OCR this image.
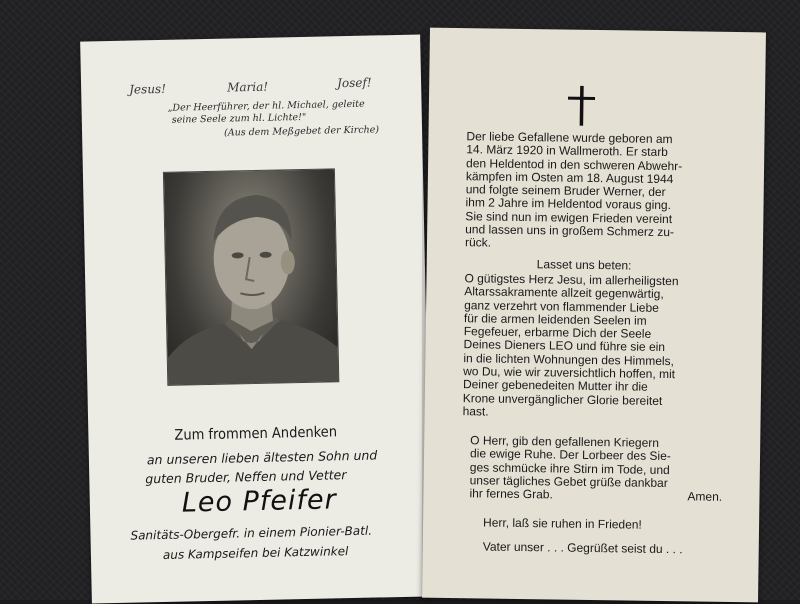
Jesus!	Maria!	Josef!
„Der Heerführer, der hl. Michael, geleite
seine Seele zum hl. Lichte!"
(Aus dem Meßgebet der Kirche)
Zum frommen Andenken
an unseren lieben ältesten Sohn und
guten Bruder, Neffen und Vetter
Leo Pfeifer
Sanitäts-Obergefr. in einem Pionier-Batl.
aus Kampseifen bei Katzwinkel
Der liebe Gefallene wurde geboren am
14. März 1920 in Wallmeroth. Er starb
den Heldentod in den schweren Abwehr-
kämpfen im Osten am 18. August 1944
und folgte seinem Bruder Werner, der
ihm 2 Jahre im Heldentod voraus ging.
Sie sind nun im ewigen Frieden vereint
und lassen uns in großem Schmerz zu-
rück.
Lasset uns beten:
O gütigstes Herz Jesu, im allerheiligsten
Altarssakramente allzeit gegenwärtig,
ganz verzehrt von flammender Liebe
für die armen leidenden Seelen im
Fegefeuer, erbarme Dich der Seele
Deines Dieners LEO und führe sie ein
in die lichten Wohnungen des Himmels,
wo Du, wie wir zuversichtlich hoffen, mit
Deiner gebenedeiten Mutter ihr die
Krone unvergänglicher Glorie bereitet
hast.
O Herr, gib den gefallenen Kriegern
die ewige Ruhe. Der Lorbeer des Sie-
ges schmücke ihre Stirn im Tode, und
unser tägliches Gebet grüße dankbar
ihr fernes Grab.	Amen.
Herr, laß sie ruhen in Frieden!
Vater unser . . . Gegrüßet seist du . . .
